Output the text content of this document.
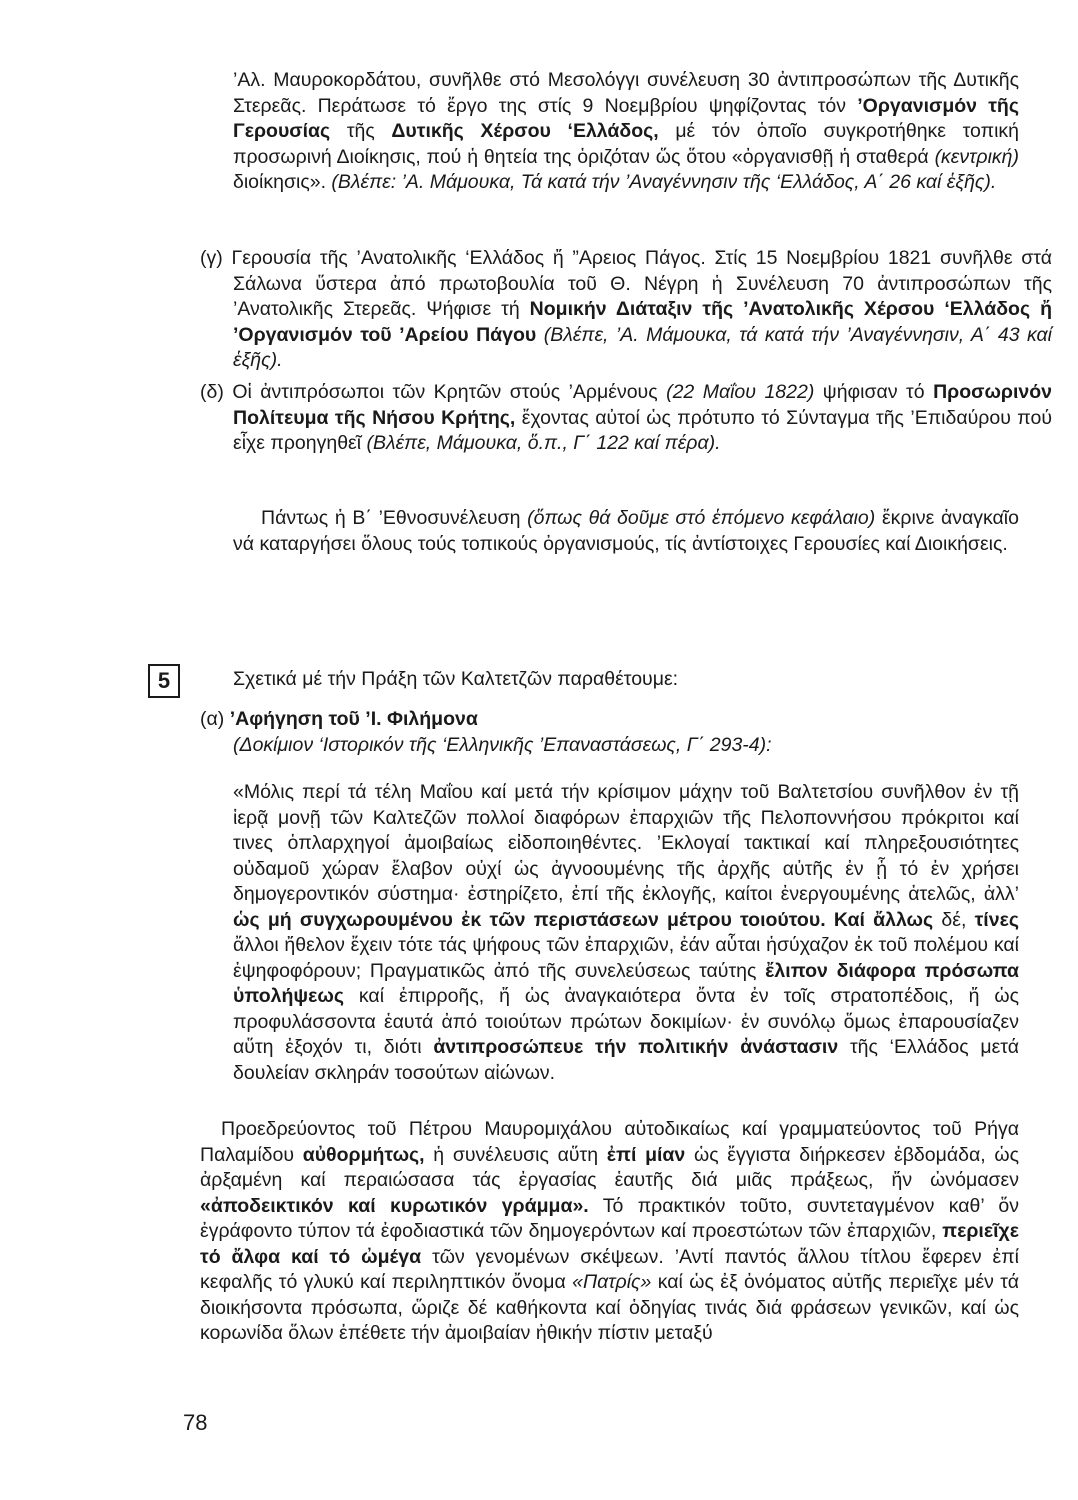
’Αλ. Μαυροκορδάτου, συνῆλθε στό Μεσολόγγι συνέλευση 30 ἀντιπροσώπων τῆς Δυτικῆς Στερεᾶς. Περάτωσε τό ἔργο της στίς 9 Νοεμβρίου ψηφίζοντας τόν ’Οργανισμόν τῆς Γερουσίας τῆς Δυτικῆς Χέρσου ‘Ελλάδος, μέ τόν ὁποῖο συγκροτήθηκε τοπική προσωρινή Διοίκησις, πού ἡ θητεία της ὁριζόταν ὥς ὅτου «ὀργανισθῇ ἡ σταθερά (κεντρική) διοίκησις». (Βλέπε: ’Α. Μάμουκα, Τά κατά τήν ’Αναγέννησιν τῆς ‘Ελλάδος, Α΄ 26 καί ἑξῆς).

(γ) Γερουσία τῆς ’Ανατολικῆς ‘Ελλάδος ἤ ”Αρειος Πάγος. Στίς 15 Νοεμβρίου 1821 συνῆλθε στά Σάλωνα ὕστερα ἀπό πρωτοβουλία τοῦ Θ. Νέγρη ἡ Συνέλευση 70 ἀντιπροσώπων τῆς ’Ανατολικῆς Στερεᾶς. Ψήφισε τή Νομικήν Διάταξιν τῆς ’Ανατολικῆς Χέρσου ‘Ελλάδος ἤ ’Οργανισμόν τοῦ ’Αρείου Πάγου (Βλέπε, ’Α. Μάμουκα, τά κατά τήν ’Αναγέννησιν, Α΄ 43 καί ἑξῆς).

(δ) Οἱ ἀντιπρόσωποι τῶν Κρητῶν στούς ’Αρμένους (22 Μαΐου 1822) ψήφισαν τό Προσωρινόν Πολίτευμα τῆς Νήσου Κρήτης, ἔχοντας αὐτοί ὡς πρότυπο τό Σύνταγμα τῆς ’Επιδαύρου πού εἶχε προηγηθεῖ (Βλέπε, Μάμουκα, ὅ.π., Γ΄ 122 καί πέρα).

Πάντως ἡ Β΄ ’Εθνοσυνέλευση (ὅπως θά δοῦμε στό ἑπόμενο κεφάλαιο) ἔκρινε ἀναγκαῖο νά καταργήσει ὅλους τούς τοπικούς ὀργανισμούς, τίς ἀντίστοιχες Γερουσίες καί Διοικήσεις.

5	Σχετικά μέ τήν Πράξη τῶν Καλτετζῶν παραθέτουμε:

(α) ’Αφήγηση τοῦ ’Ι. Φιλήμονα

(Δοκίμιον ‘Ιστορικόν τῆς ‘Ελληνικῆς ’Επαναστάσεως, Γ΄ 293-4):

«Μόλις περί τά τέλη Μαΐου καί μετά τήν κρίσιμον μάχην τοῦ Βαλτετσίου συνῆλθον ἐν τῇ ἱερᾷ μονῇ τῶν Καλτεζῶν πολλοί διαφόρων ἐπαρχιῶν τῆς Πελοποννήσου πρόκριτοι καί τινες ὁπλαρχηγοί ἀμοιβαίως εἰδοποιηθέντες. ’Εκλογαί τακτικαί καί πληρεξουσιότητες οὐδαμοῦ χώραν ἔλαβον οὐχί ὡς ἀγνοουμένης τῆς ἀρχῆς αὐτῆς ἐν ᾗ τό ἐν χρήσει δημογεροντικόν σύστημα· ἐστηρίζετο, ἐπί τῆς ἐκλογῆς, καίτοι ἐνεργουμένης ἀτελῶς, ἀλλ’ ὡς μή συγχωρουμένου ἐκ τῶν περιστάσεων μέτρου τοιούτου. Καί ἄλλως δέ, τίνες ἄλλοι ἤθελον ἔχειν τότε τάς ψήφους τῶν ἐπαρχιῶν, ἐάν αὗται ἡσύχαζον ἐκ τοῦ πολέμου καί ἐψηφοφόρουν; Πραγματικῶς ἀπό τῆς συνελεύσεως ταύτης ἔλιπον διάφορα πρόσωπα ὑπολήψεως καί ἐπιρροῆς, ἤ ὡς ἀναγκαιότερα ὄντα ἐν τοῖς στρατοπέδοις, ἤ ὡς προφυλάσσοντα ἑαυτά ἀπό τοιούτων πρώτων δοκιμίων· ἐν συνόλῳ ὅμως ἐπαρουσίαζεν αὕτη ἐξοχόν τι, διότι ἀντιπροσώπευε τήν πολιτικήν ἀνάστασιν τῆς ‘Ελλάδος μετά δουλείαν σκληράν τοσούτων αἰώνων.

Προεδρεύοντος τοῦ Πέτρου Μαυρομιχάλου αὐτοδικαίως καί γραμματεύοντος τοῦ Ρήγα Παλαμίδου αὐθορμήτως, ἡ συνέλευσις αὕτη ἐπί μίαν ὡς ἔγγιστα διήρκεσεν ἑβδομάδα, ὡς ἀρξαμένη καί περαιώσασα τάς ἐργασίας ἑαυτῆς διά μιᾶς πράξεως, ἥν ὠνόμασεν «ἀποδεικτικόν καί κυρωτικόν γράμμα». Τό πρακτικόν τοῦτο, συντεταγμένον καθ’ ὅν ἐγράφοντο τύπον τά ἐφοδιαστικά τῶν δημογερόντων καί προεστώτων τῶν ἐπαρχιῶν, περιεῖχε τό ἄλφα καί τό ὠμέγα τῶν γενομένων σκέψεων. ’Αντί παντός ἄλλου τίτλου ἔφερεν ἐπί κεφαλῆς τό γλυκύ καί περιληπτικόν ὄνομα «Πατρίς» καί ὡς ἐξ ὀνόματος αὐτῆς περιεῖχε μέν τά διοικήσοντα πρόσωπα, ὥριζε δέ καθήκοντα καί ὁδηγίας τινάς διά φράσεων γενικῶν, καί ὡς κορωνίδα ὅλων ἐπέθετε τήν ἀμοιβαίαν ἠθικήν πίστιν μεταξύ

78
